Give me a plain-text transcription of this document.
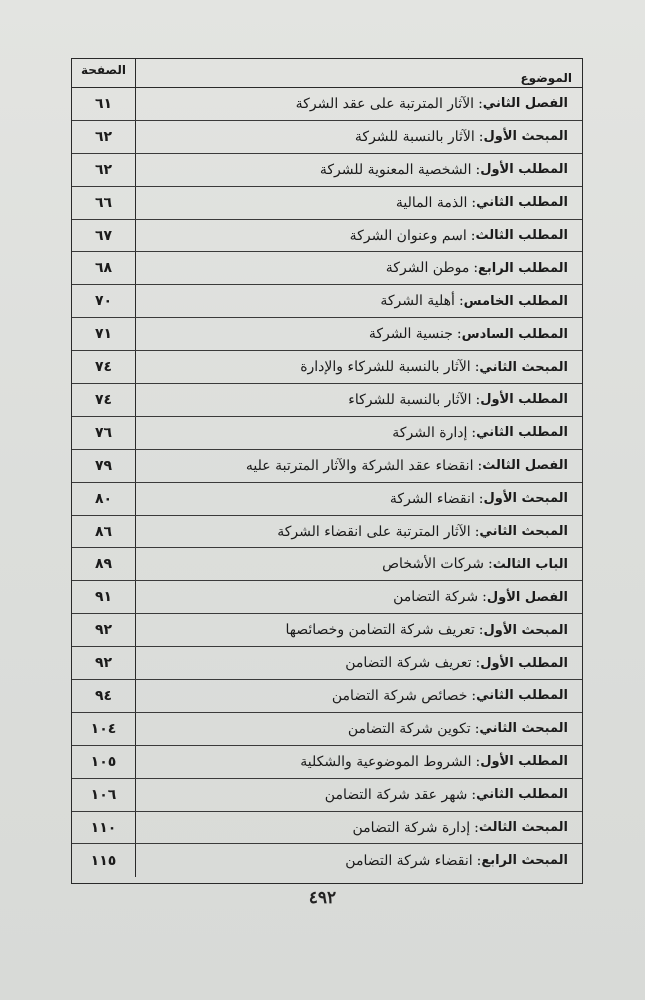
الموضوع
الصفحة
الفصل الثاني
:
الآثار المترتبة على عقد الشركة
٦١
المبحث الأول
:
الآثار بالنسبة للشركة
٦٢
المطلب الأول
:
الشخصية المعنوية للشركة
٦٢
المطلب الثاني
:
الذمة المالية
٦٦
المطلب الثالث
:
اسم وعنوان الشركة
٦٧
المطلب الرابع
:
موطن الشركة
٦٨
المطلب الخامس
:
أهلية الشركة
٧٠
المطلب السادس
:
جنسية الشركة
٧١
المبحث الثاني
:
الآثار بالنسبة للشركاء والإدارة
٧٤
المطلب الأول
:
الآثار بالنسبة للشركاء
٧٤
المطلب الثاني
:
إدارة الشركة
٧٦
الفصل الثالث
:
انقضاء عقد الشركة والآثار المترتبة عليه
٧٩
المبحث الأول
:
انقضاء الشركة
٨٠
المبحث الثاني
:
الآثار المترتبة على انقضاء الشركة
٨٦
الباب الثالث
:
شركات الأشخاص
٨٩
الفصل الأول
:
شركة التضامن
٩١
المبحث الأول
:
تعريف شركة التضامن وخصائصها
٩٢
المطلب الأول
:
تعريف شركة التضامن
٩٢
المطلب الثاني
:
خصائص شركة التضامن
٩٤
المبحث الثاني
:
تكوين شركة التضامن
١٠٤
المطلب الأول
:
الشروط الموضوعية والشكلية
١٠٥
المطلب الثاني
:
شهر عقد شركة التضامن
١٠٦
المبحث الثالث
:
إدارة شركة التضامن
١١٠
المبحث الرابع
:
انقضاء شركة التضامن
١١٥
٤٩٢
